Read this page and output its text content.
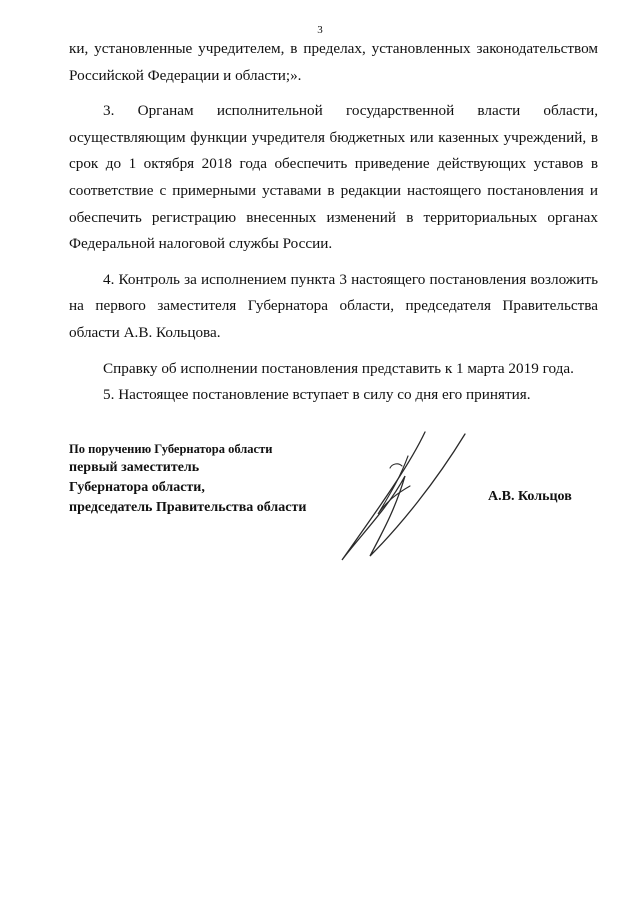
3

ки, установленные учредителем, в пределах, установленных законодательством Российской Федерации и области;».

3. Органам исполнительной государственной власти области, осуществляющим функции учредителя бюджетных или казенных учреждений, в срок до 1 октября 2018 года обеспечить приведение действующих уставов в соответствие с примерными уставами в редакции настоящего постановления и обеспечить регистрацию внесенных изменений в территориальных органах Федеральной налоговой службы России.

4. Контроль за исполнением пункта 3 настоящего постановления возложить на первого заместителя Губернатора области, председателя Правительства области А.В. Кольцова.

Справку об исполнении постановления представить к 1 марта 2019 года.

5. Настоящее постановление вступает в силу со дня его принятия.

По поручению Губернатора области
первый заместитель
Губернатора области,
председатель Правительства области
А.В. Кольцов
